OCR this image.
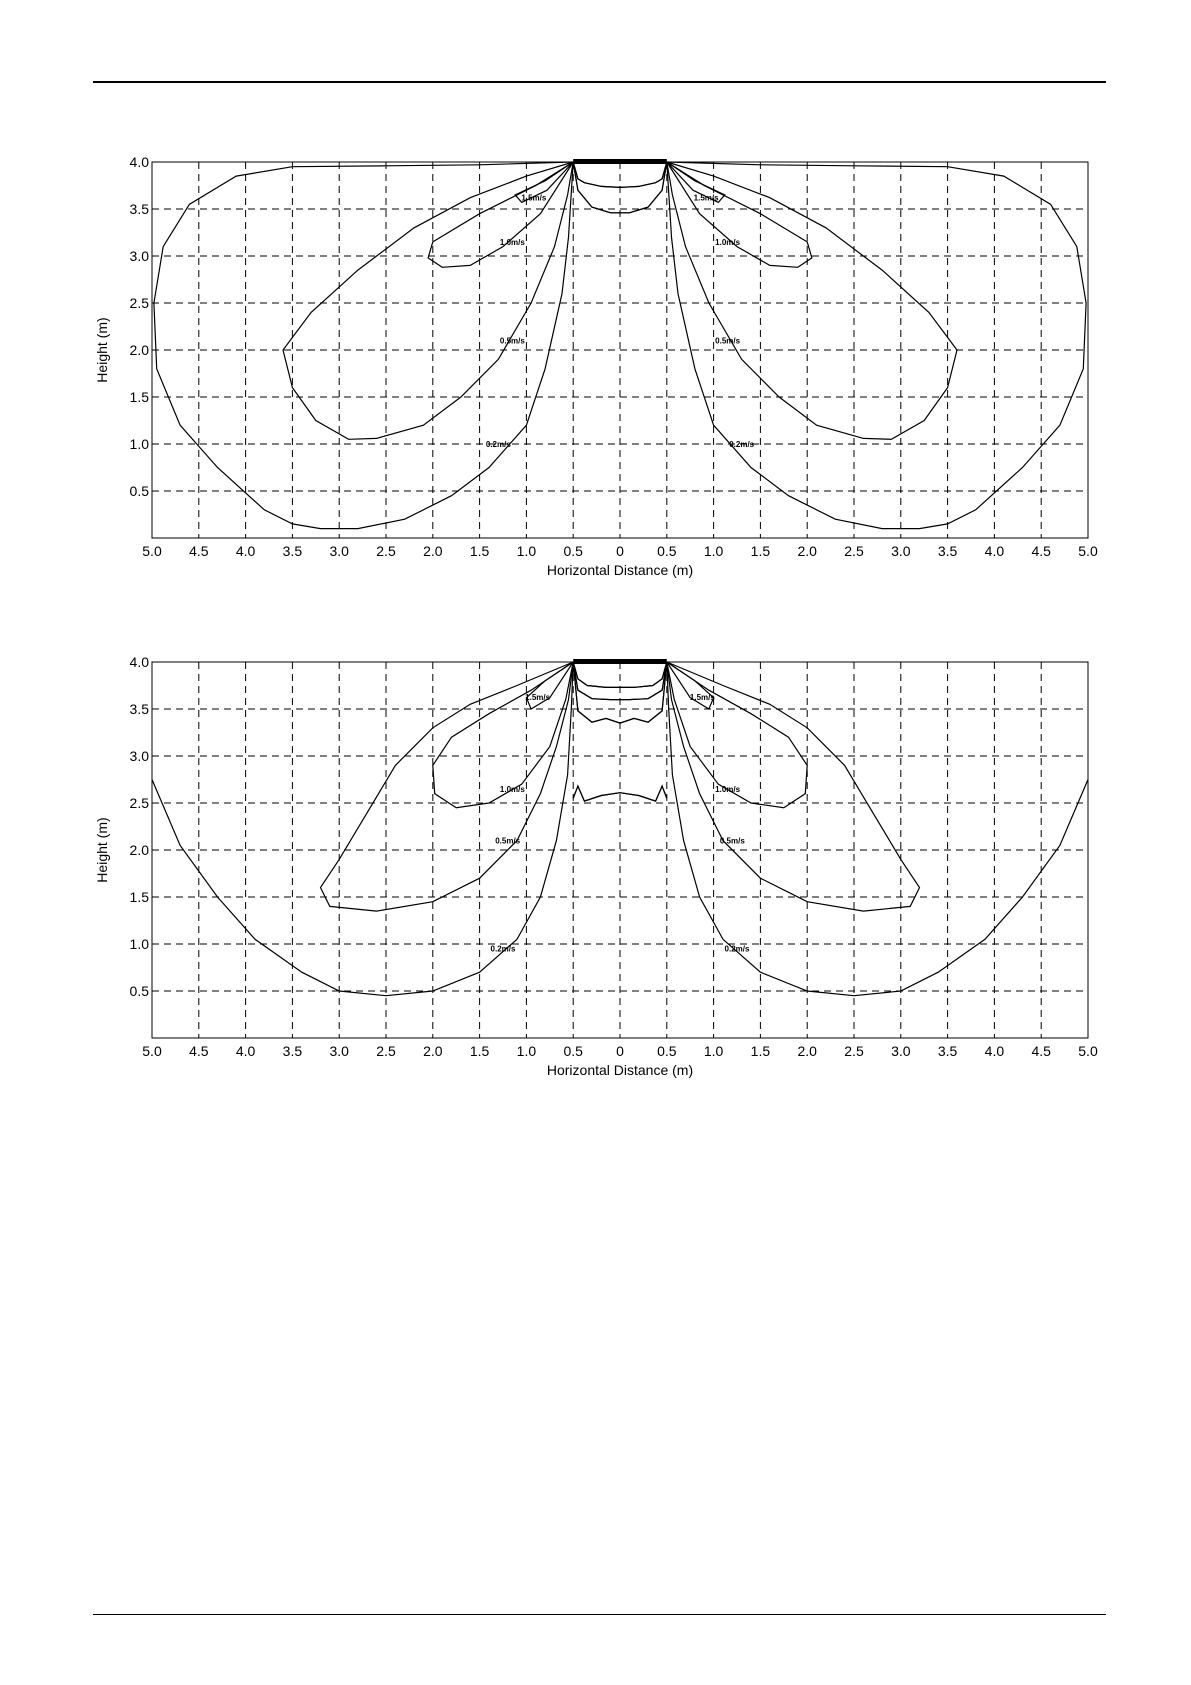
5.0 4.5 4.0 3.5 3.0 2.5 2.0 1.5 1.0 0.5 0 0.5 1.0 1.5 2.0 2.5 3.0 3.5 4.0 4.5 5.0
4.0
3.5
3.0
2.5
2.0
1.5
1.0
0.5
Horizontal Distance (m)
Height (m)
0.2m/s	0.2m/s
0.5m/s	0.5m/s
1.0m/s	1.0m/s
1.5m/s	1.5m/s
5.0 4.5 4.0 3.5 3.0 2.5 2.0 1.5 1.0 0.5 0 0.5 1.0 1.5 2.0 2.5 3.0 3.5 4.0 4.5 5.0
4.0
3.5
3.0
2.5
2.0
1.5
1.0
0.5
Horizontal Distance (m)
Height (m)
0.2m/s	0.2m/s
0.5m/s	0.5m/s
1.0m/s	1.0m/s
1.5m/s	1.5m/s
